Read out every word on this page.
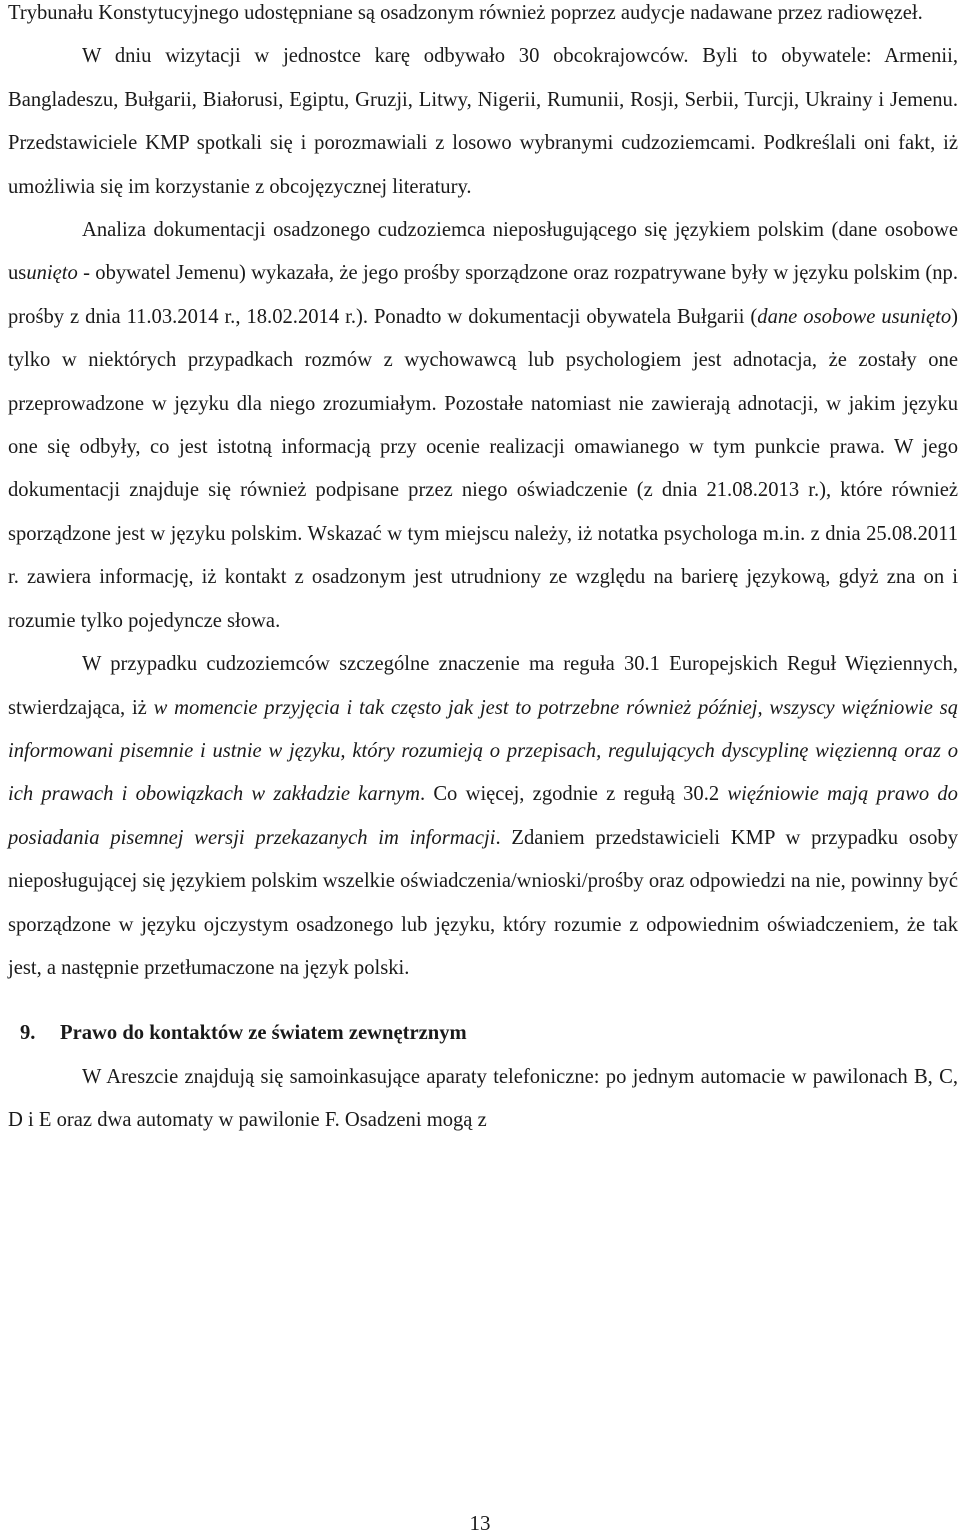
Trybunału Konstytucyjnego udostępniane są osadzonym również poprzez audycje nadawane przez radiowęzeł.

W dniu wizytacji w jednostce karę odbywało 30 obcokrajowców. Byli to obywatele: Armenii, Bangladeszu, Bułgarii, Białorusi, Egiptu, Gruzji, Litwy, Nigerii, Rumunii, Rosji, Serbii, Turcji, Ukrainy i Jemenu. Przedstawiciele KMP spotkali się i porozmawiali z losowo wybranymi cudzoziemcami. Podkreślali oni fakt, iż umożliwia się im korzystanie z obcojęzycznej literatury.

Analiza dokumentacji osadzonego cudzoziemca nieposługującego się językiem polskim (dane osobowe usunięto - obywatel Jemenu) wykazała, że jego prośby sporządzone oraz rozpatrywane były w języku polskim (np. prośby z dnia 11.03.2014 r., 18.02.2014 r.). Ponadto w dokumentacji obywatela Bułgarii (dane osobowe usunięto) tylko w niektórych przypadkach rozmów z wychowawcą lub psychologiem jest adnotacja, że zostały one przeprowadzone w języku dla niego zrozumiałym. Pozostałe natomiast nie zawierają adnotacji, w jakim języku one się odbyły, co jest istotną informacją przy ocenie realizacji omawianego w tym punkcie prawa. W jego dokumentacji znajduje się również podpisane przez niego oświadczenie (z dnia 21.08.2013 r.), które również sporządzone jest w języku polskim. Wskazać w tym miejscu należy, iż notatka psychologa m.in. z dnia 25.08.2011 r. zawiera informację, iż kontakt z osadzonym jest utrudniony ze względu na barierę językową, gdyż zna on i rozumie tylko pojedyncze słowa.

W przypadku cudzoziemców szczególne znaczenie ma reguła 30.1 Europejskich Reguł Więziennych, stwierdzająca, iż w momencie przyjęcia i tak często jak jest to potrzebne również później, wszyscy więźniowie są informowani pisemnie i ustnie w języku, który rozumieją o przepisach, regulujących dyscyplinę więzienną oraz o ich prawach i obowiązkach w zakładzie karnym. Co więcej, zgodnie z regułą 30.2 więźniowie mają prawo do posiadania pisemnej wersji przekazanych im informacji. Zdaniem przedstawicieli KMP w przypadku osoby nieposługującej się językiem polskim wszelkie oświadczenia/wnioski/prośby oraz odpowiedzi na nie, powinny być sporządzone w języku ojczystym osadzonego lub języku, który rozumie z odpowiednim oświadczeniem, że tak jest, a następnie przetłumaczone na język polski.

9. Prawo do kontaktów ze światem zewnętrznym

W Areszcie znajdują się samoinkasujące aparaty telefoniczne: po jednym automacie w pawilonach B, C, D i E oraz dwa automaty w pawilonie F. Osadzeni mogą z

13
